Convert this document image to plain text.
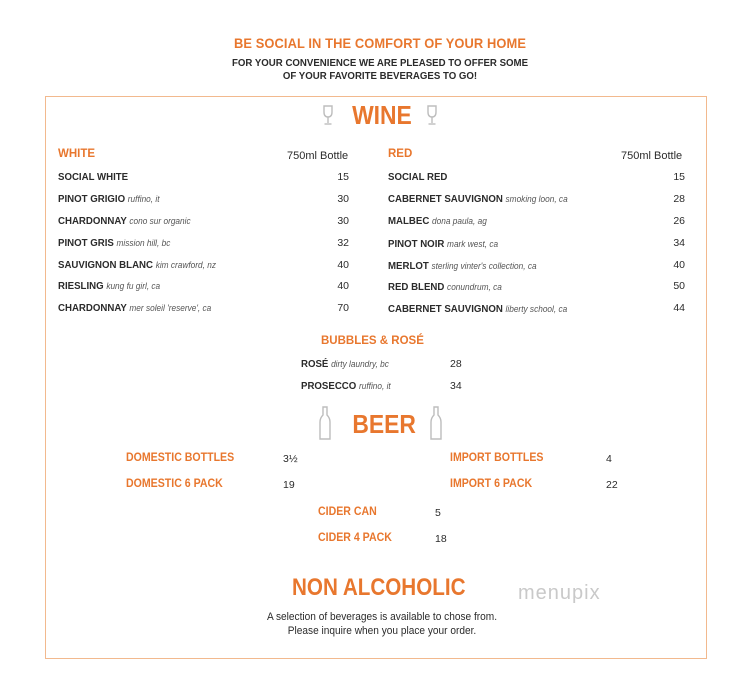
BE SOCIAL IN THE COMFORT OF YOUR HOME
FOR YOUR CONVENIENCE WE ARE PLEASED TO OFFER SOME
OF YOUR FAVORITE BEVERAGES TO GO!
WINE
WHITE	750ml Bottle
SOCIAL WHITE	15
PINOT GRIGIO ruffino, it	30
CHARDONNAY cono sur organic	30
PINOT GRIS mission hill, bc	32
SAUVIGNON BLANC kim crawford, nz	40
RIESLING kung fu girl, ca	40
CHARDONNAY mer soleil 'reserve', ca	70
RED	750ml Bottle
SOCIAL RED	15
CABERNET SAUVIGNON smoking loon, ca	28
MALBEC dona paula, ag	26
PINOT NOIR mark west, ca	34
MERLOT sterling vinter's collection, ca	40
RED BLEND conundrum, ca	50
CABERNET SAUVIGNON liberty school, ca	44
BUBBLES & ROSÉ
ROSÉ dirty laundry, bc	28
PROSECCO ruffino, it	34
BEER
DOMESTIC BOTTLES	3½
DOMESTIC 6 PACK	19
IMPORT BOTTLES	4
IMPORT 6 PACK	22
CIDER CAN	5
CIDER 4 PACK	18
NON ALCOHOLIC
A selection of beverages is available to chose from.
Please inquire when you place your order.
menupix
